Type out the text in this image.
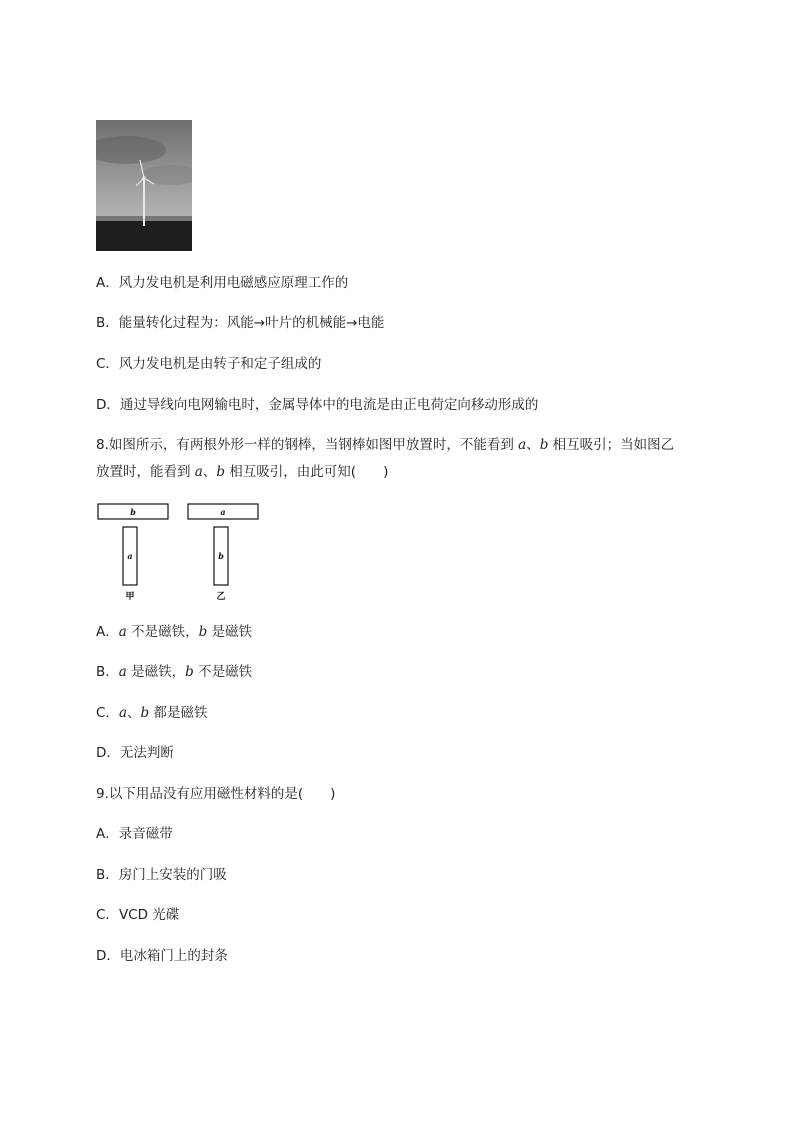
A．风力发电机是利用电磁感应原理工作的
B．能量转化过程为：风能→叶片的机械能→电能
C．风力发电机是由转子和定子组成的
D．通过导线向电网输电时，金属导体中的电流是由正电荷定向移动形成的
8.如图所示，有两根外形一样的钢棒，当钢棒如图甲放置时，不能看到 a、b 相互吸引；当如图乙
放置时，能看到 a、b 相互吸引，由此可知(　　)
b
a
甲
a
b
乙
A．a 不是磁铁，b 是磁铁
B．a 是磁铁，b 不是磁铁
C．a、b 都是磁铁
D．无法判断
9.以下用品没有应用磁性材料的是(　　)
A．录音磁带
B．房门上安装的门吸
C．VCD 光碟
D．电冰箱门上的封条
